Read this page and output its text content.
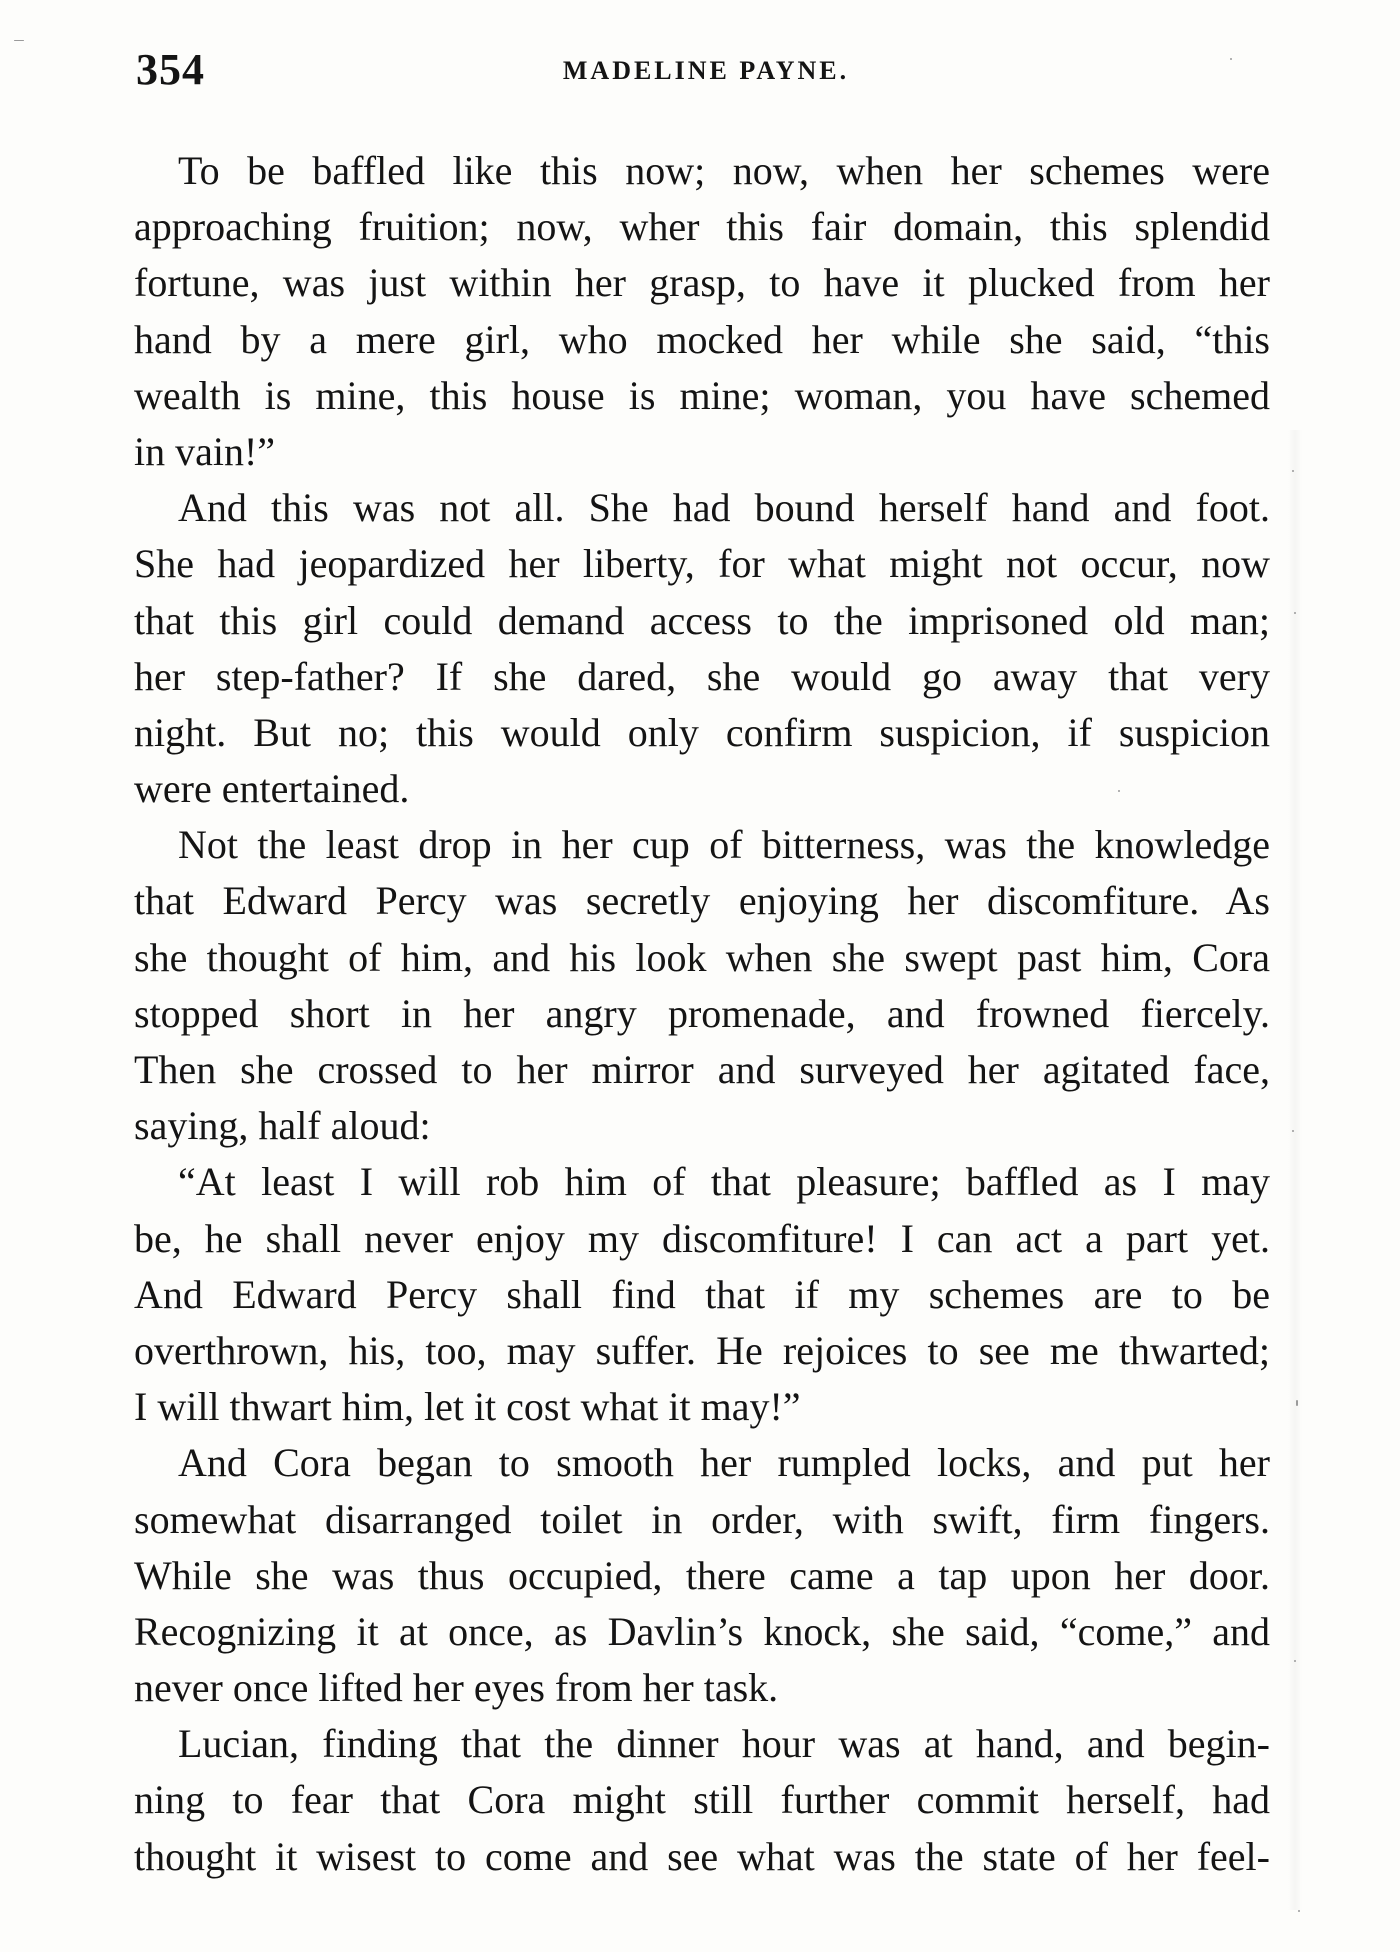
354	MADELINE PAYNE.
To be baffled like this now; now, when her schemes were
approaching fruition; now, wher this fair domain, this splendid
fortune, was just within her grasp, to have it plucked from her
hand by a mere girl, who mocked her while she said, “this
wealth is mine, this house is mine; woman, you have schemed
in vain!”
And this was not all. She had bound herself hand and foot.
She had jeopardized her liberty, for what might not occur, now
that this girl could demand access to the imprisoned old man;
her step-father? If she dared, she would go away that very
night. But no; this would only confirm suspicion, if suspicion
were entertained.
Not the least drop in her cup of bitterness, was the knowledge
that Edward Percy was secretly enjoying her discomfiture. As
she thought of him, and his look when she swept past him, Cora
stopped short in her angry promenade, and frowned fiercely.
Then she crossed to her mirror and surveyed her agitated face,
saying, half aloud:
“At least I will rob him of that pleasure; baffled as I may
be, he shall never enjoy my discomfiture! I can act a part yet.
And Edward Percy shall find that if my schemes are to be
overthrown, his, too, may suffer. He rejoices to see me thwarted;
I will thwart him, let it cost what it may!”
And Cora began to smooth her rumpled locks, and put her
somewhat disarranged toilet in order, with swift, firm fingers.
While she was thus occupied, there came a tap upon her door.
Recognizing it at once, as Davlin’s knock, she said, “come,” and
never once lifted her eyes from her task.
Lucian, finding that the dinner hour was at hand, and begin-
ning to fear that Cora might still further commit herself, had
thought it wisest to come and see what was the state of her feel-
